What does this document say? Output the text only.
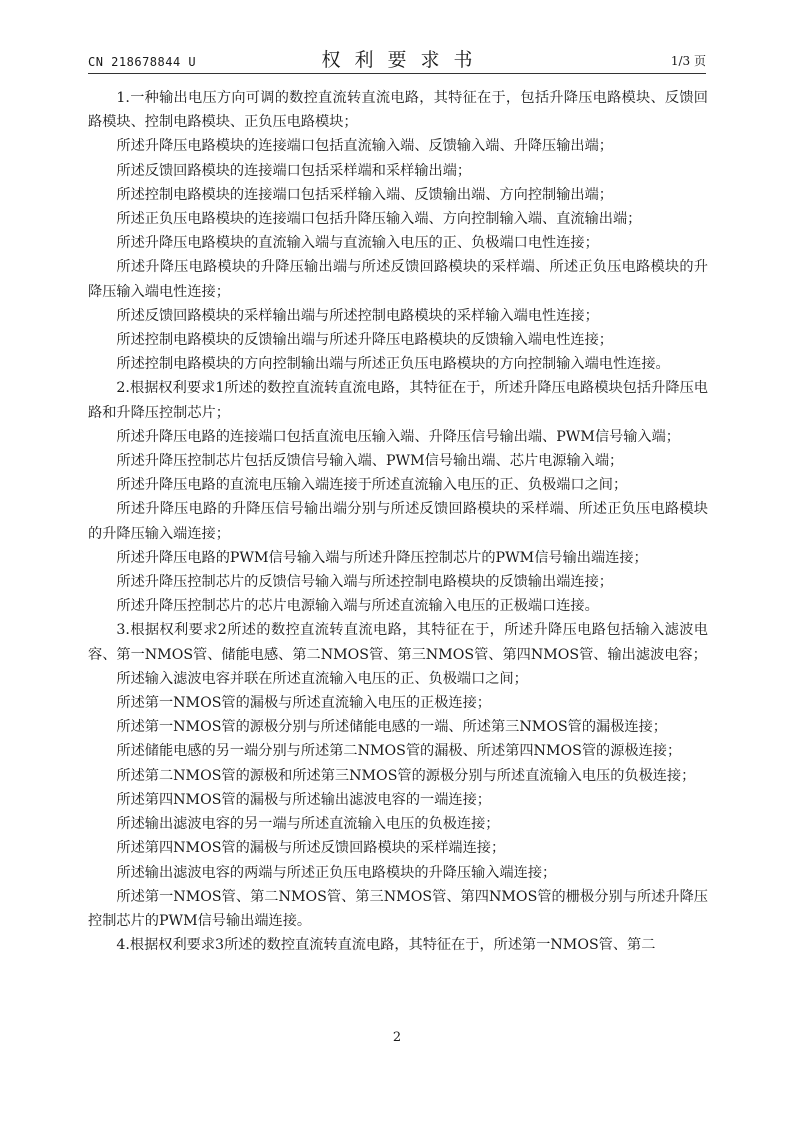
CN 218678844 U	权利要求书	1/3 页

1.一种输出电压方向可调的数控直流转直流电路，其特征在于，包括升降压电路模块、反馈回路模块、控制电路模块、正负压电路模块；

所述升降压电路模块的连接端口包括直流输入端、反馈输入端、升降压输出端；

所述反馈回路模块的连接端口包括采样端和采样输出端；

所述控制电路模块的连接端口包括采样输入端、反馈输出端、方向控制输出端；

所述正负压电路模块的连接端口包括升降压输入端、方向控制输入端、直流输出端；

所述升降压电路模块的直流输入端与直流输入电压的正、负极端口电性连接；

所述升降压电路模块的升降压输出端与所述反馈回路模块的采样端、所述正负压电路模块的升降压输入端电性连接；

所述反馈回路模块的采样输出端与所述控制电路模块的采样输入端电性连接；

所述控制电路模块的反馈输出端与所述升降压电路模块的反馈输入端电性连接；

所述控制电路模块的方向控制输出端与所述正负压电路模块的方向控制输入端电性连接。

2.根据权利要求1所述的数控直流转直流电路，其特征在于，所述升降压电路模块包括升降压电路和升降压控制芯片；

所述升降压电路的连接端口包括直流电压输入端、升降压信号输出端、PWM信号输入端；

所述升降压控制芯片包括反馈信号输入端、PWM信号输出端、芯片电源输入端；

所述升降压电路的直流电压输入端连接于所述直流输入电压的正、负极端口之间；

所述升降压电路的升降压信号输出端分别与所述反馈回路模块的采样端、所述正负压电路模块的升降压输入端连接；

所述升降压电路的PWM信号输入端与所述升降压控制芯片的PWM信号输出端连接；

所述升降压控制芯片的反馈信号输入端与所述控制电路模块的反馈输出端连接；

所述升降压控制芯片的芯片电源输入端与所述直流输入电压的正极端口连接。

3.根据权利要求2所述的数控直流转直流电路，其特征在于，所述升降压电路包括输入滤波电容、第一NMOS管、储能电感、第二NMOS管、第三NMOS管、第四NMOS管、输出滤波电容；

所述输入滤波电容并联在所述直流输入电压的正、负极端口之间；

所述第一NMOS管的漏极与所述直流输入电压的正极连接；

所述第一NMOS管的源极分别与所述储能电感的一端、所述第三NMOS管的漏极连接；

所述储能电感的另一端分别与所述第二NMOS管的漏极、所述第四NMOS管的源极连接；

所述第二NMOS管的源极和所述第三NMOS管的源极分别与所述直流输入电压的负极连接；

所述第四NMOS管的漏极与所述输出滤波电容的一端连接；

所述输出滤波电容的另一端与所述直流输入电压的负极连接；

所述第四NMOS管的漏极与所述反馈回路模块的采样端连接；

所述输出滤波电容的两端与所述正负压电路模块的升降压输入端连接；

所述第一NMOS管、第二NMOS管、第三NMOS管、第四NMOS管的栅极分别与所述升降压控制芯片的PWM信号输出端连接。

4.根据权利要求3所述的数控直流转直流电路，其特征在于，所述第一NMOS管、第二

2
